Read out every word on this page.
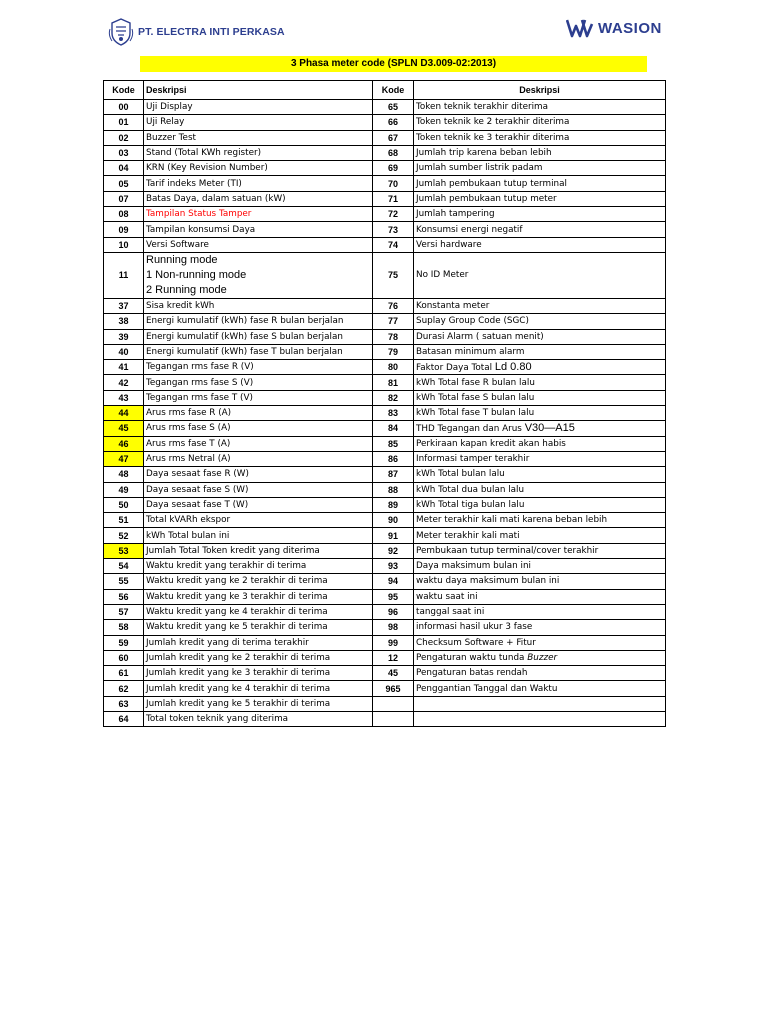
PT. ELECTRA INTI PERKASA	WASION
3 Phasa meter code (SPLN D3.009-02:2013)
Kode	Deskripsi	Kode	Deskripsi
00	Uji Display	65	Token teknik terakhir diterima
01	Uji Relay	66	Token teknik ke 2 terakhir diterima
02	Buzzer Test	67	Token teknik ke 3 terakhir diterima
03	Stand (Total KWh register)	68	Jumlah trip karena beban lebih
04	KRN (Key Revision Number)	69	Jumlah sumber listrik padam
05	Tarif indeks Meter (TI)	70	Jumlah pembukaan tutup terminal
07	Batas Daya, dalam satuan (kW)	71	Jumlah pembukaan tutup meter
08	Tampilan Status Tamper	72	Jumlah tampering
09	Tampilan konsumsi Daya	73	Konsumsi energi negatif
10	Versi Software	74	Versi hardware
11	Running mode
1 Non-running mode
2 Running mode	75	No ID Meter
37	Sisa kredit kWh	76	Konstanta meter
38	Energi kumulatif (kWh) fase R bulan berjalan	77	Suplay Group Code (SGC)
39	Energi kumulatif (kWh) fase S bulan berjalan	78	Durasi Alarm ( satuan menit)
40	Energi kumulatif (kWh) fase T bulan berjalan	79	Batasan minimum alarm
41	Tegangan rms fase R (V)	80	Faktor Daya Total Ld 0.80
42	Tegangan rms fase S (V)	81	kWh Total fase R bulan lalu
43	Tegangan rms fase T (V)	82	kWh Total fase S bulan lalu
44	Arus rms fase R (A)	83	kWh Total fase T bulan lalu
45	Arus rms fase S (A)	84	THD Tegangan dan Arus V30—A15
46	Arus rms fase T (A)	85	Perkiraan kapan kredit akan habis
47	Arus rms Netral (A)	86	Informasi tamper terakhir
48	Daya sesaat fase R (W)	87	kWh Total bulan lalu
49	Daya sesaat fase S (W)	88	kWh Total dua bulan lalu
50	Daya sesaat fase T (W)	89	kWh Total tiga bulan lalu
51	Total kVARh ekspor	90	Meter terakhir kali mati karena beban lebih
52	kWh Total bulan ini	91	Meter terakhir kali mati
53	Jumlah Total Token kredit yang diterima	92	Pembukaan tutup terminal/cover terakhir
54	Waktu kredit yang terakhir di terima	93	Daya maksimum bulan ini
55	Waktu kredit yang ke 2 terakhir di terima	94	waktu daya maksimum bulan ini
56	Waktu kredit yang ke 3 terakhir di terima	95	waktu saat ini
57	Waktu kredit yang ke 4 terakhir di terima	96	tanggal saat ini
58	Waktu kredit yang ke 5 terakhir di terima	98	informasi hasil ukur 3 fase
59	Jumlah kredit yang di terima terakhir	99	Checksum Software + Fitur
60	Jumlah kredit yang ke 2 terakhir di terima	12	Pengaturan waktu tunda Buzzer
61	Jumlah kredit yang ke 3 terakhir di terima	45	Pengaturan batas rendah
62	Jumlah kredit yang ke 4 terakhir di terima	965	Penggantian Tanggal dan Waktu
63	Jumlah kredit yang ke 5 terakhir di terima		
64	Total token teknik yang diterima		
